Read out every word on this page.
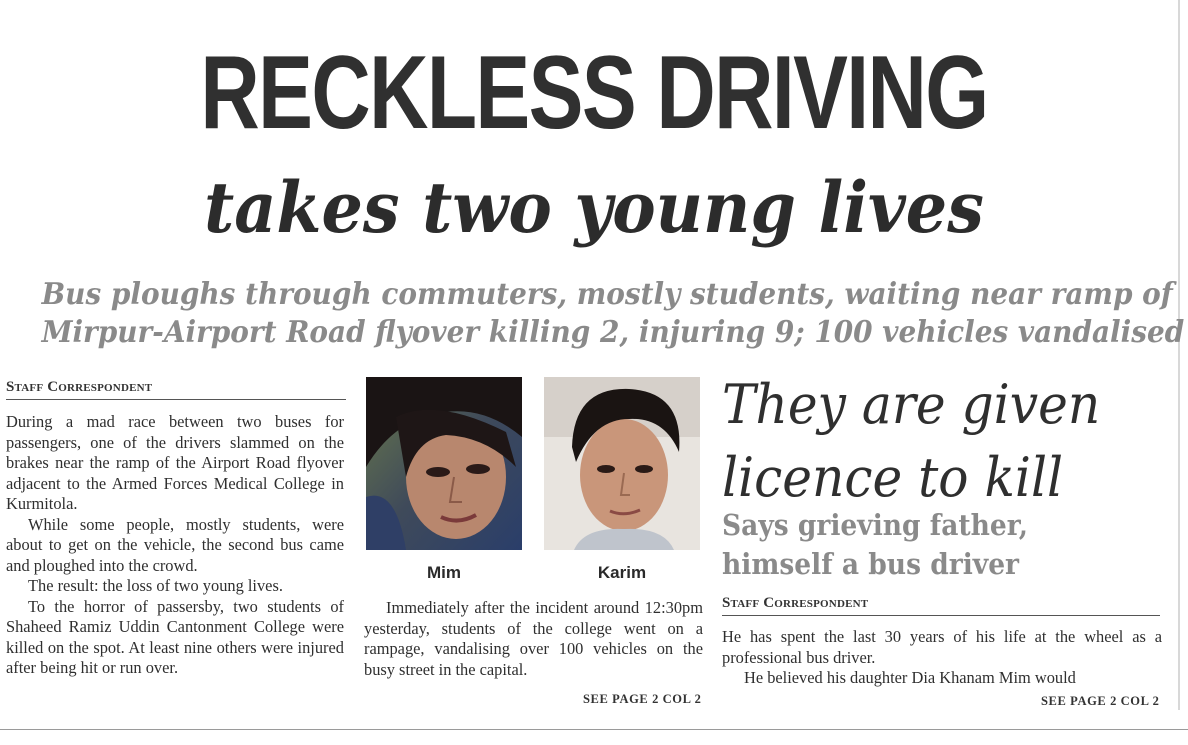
RECKLESS DRIVING
takes two young lives
Bus ploughs through commuters, mostly students, waiting near ramp of
Mirpur-Airport Road flyover killing 2, injuring 9; 100 vehicles vandalised
Staff Correspondent

During a mad race between two buses for passengers, one of the drivers slammed on the brakes near the ramp of the Airport Road flyover adjacent to the Armed Forces Medical College in Kurmitola.

While some people, mostly students, were about to get on the vehicle, the second bus came and ploughed into the crowd.

The result: the loss of two young lives.

To the horror of passersby, two students of Shaheed Ramiz Uddin Cantonment College were killed on the spot. At least nine others were injured after being hit or run over.

Mim	Karim

Immediately after the incident around 12:30pm yesterday, students of the college went on a rampage, vandalising over 100 vehicles on the busy street in the capital.

SEE PAGE 2 COL 2
They are given
licence to kill
Says grieving father,
himself a bus driver
Staff Correspondent

He has spent the last 30 years of his life at the wheel as a professional bus driver.

He believed his daughter Dia Khanam Mim would

SEE PAGE 2 COL 2
